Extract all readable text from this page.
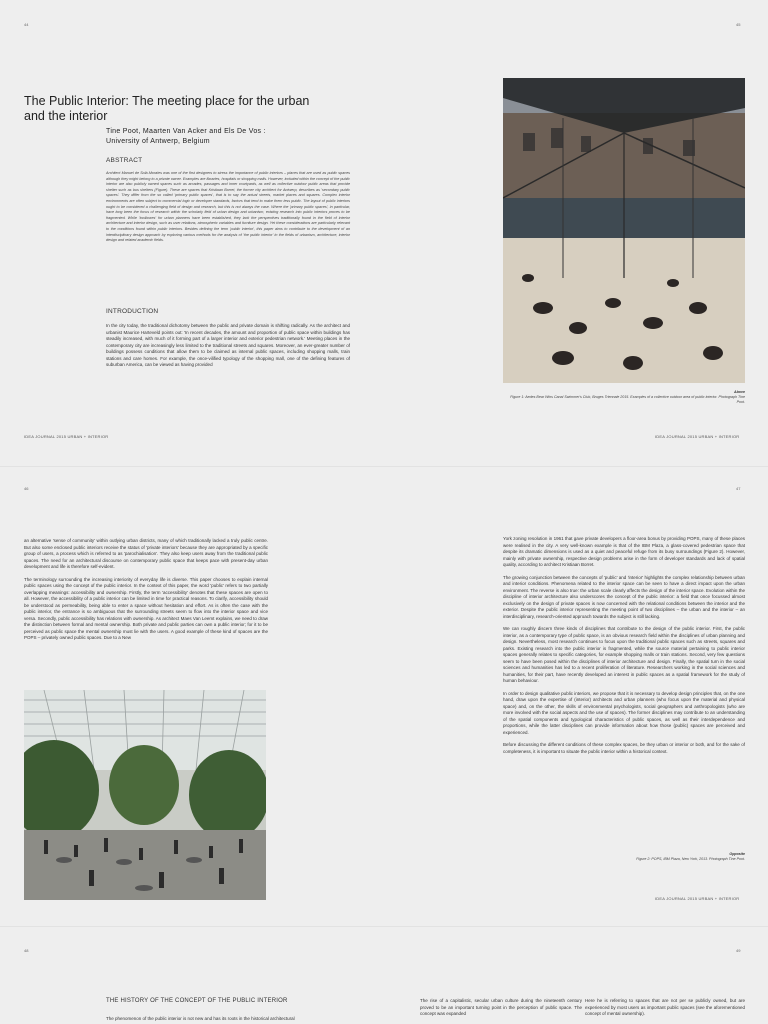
44	45
The Public Interior: The meeting place for the urban and the interior
Tine Poot, Maarten Van Acker and Els De Vos :
University of Antwerp, Belgium
ABSTRACT

Architect Manuel de Solà-Morales was one of the first designers to stress the importance of public interiors – places that are used as public spaces although they might belong to a private owner. Examples are libraries, hospitals or shopping malls. However, included within the concept of the public interior are also publicly owned spaces such as arcades, passages and inner courtyards, as well as collective outdoor public areas that provide shelter such as bus shelters (Figure). These are spaces that Kristiaan Borret, the former city architect for Antwerp, describes as 'secondary public spaces'. They differ from the so called 'primary public spaces', that is to say the actual streets, market places and squares. Complex interior environments are often subject to commercial logic or developer standards, factors that tend to make them less public. The layout of public interiors ought to be considered a challenging field of design and research, but this is not always the case. Where the 'primary public spaces', in particular, have long been the focus of research within the scholarly field of urban design and urbanism, existing research into public interiors proves to be fragmented. While 'toolboxes' for urban planners have been established, they lack the perspectives traditionally found in the field of interior architecture and interior design, such as user relations, atmospheric variables and furniture design. Yet these considerations are particularly relevant to the conditions found within public interiors. Besides defining the term 'public interior', this paper aims to contribute to the development of an interdisciplinary design approach by exploring various methods for the analysis of 'the public interior' in the fields of urbanism, architecture, interior design and related academic fields.

INTRODUCTION

In the city today, the traditional dichotomy between the public and private domain is shifting radically. As the architect and urbanist Maurice Harteveld points out: 'In recent decades, the amount and proportion of public space within buildings has steadily increased, with much of it forming part of a larger interior and exterior pedestrian network.' Meeting places in the contemporary city are increasingly less limited to the traditional streets and squares. Moreover, an ever-greater number of buildings possess conditions that allow them to be claimed as internal public spaces, including shopping malls, train stations and care homes. For example, the once-vilified typology of the shopping mall, one of the defining features of suburban America, can be viewed as having provided

Above
Figure 1: Aedes Bear Wins Canal Swimmer's Club, Bruges Triennale 2015. Examples of a collective outdoor area of public interior. Photograph Tine Poot.
IDEA JOURNAL 2015 URBAN + INTERIOR	IDEA JOURNAL 2015 URBAN + INTERIOR
46	47

an alternative 'sense of community' within outlying urban districts, many of which traditionally lacked a truly public centre. But also some enclosed public interiors receive the status of 'private interiors' because they are appropriated by a specific group of users, a process which is referred to as 'parochialisation'. They also keep users away from the traditional public spaces. The need for an architectural discourse on contemporary public space that keeps pace with present-day urban development and life is therefore self-evident.

The terminology surrounding the increasing interiority of everyday life is diverse. This paper chooses to explain internal public spaces using the concept of the public interior. In the context of this paper, the word 'public' refers to two partially overlapping meanings: accessibility and ownership. Firstly, the term 'accessibility' denotes that these spaces are open to all. However, the accessibility of a public interior can be limited in time for practical reasons. To clarify, accessibility should be understood as permeability, being able to enter a space without hesitation and effort. As is often the case with the public interior, the entrance is so ambiguous that the surrounding streets seem to flow into the interior space and vice versa. Secondly, public accessibility has relations with ownership. As architect Maes Van Leemt explains, we need to draw the distinction between formal and mental ownership. Both private and public parties can own a public interior; for it to be perceived as public space the mental ownership must lie with the users. A good example of these kind of spaces are the POPS – privately owned public spaces. Due to a New

York zoning resolution in 1961 that gave private developers a floor-area bonus by providing POPS, many of these places were realised in the city. A very well-known example is that of the IBM Plaza, a glass-covered pedestrian space that despite its dramatic dimensions is used as a quiet and peaceful refuge from its busy surroundings (Figure 2). However, mainly with private ownership, respective design problems arise in the form of developer standards and lack of spatial quality, according to architect Kristiaan Borret.

The growing conjunction between the concepts of 'public' and 'interior' highlights the complex relationship between urban and interior conditions. Phenomena related to the interior space can be seen to have a direct impact upon the urban environment. The reverse is also true: the urban scale clearly affects the design of the interior space. Evolution within the discipline of interior architecture also underscores the concept of the public interior: a field that once focussed almost exclusively on the design of private spaces is now concerned with the relational conditions between the interior and the exterior. Despite the public interior representing the meeting point of two disciplines – the urban and the interior – an interdisciplinary, research-oriented approach towards the subject is still lacking.

We can roughly discern three kinds of disciplines that contribute to the design of the public interior. First, the public interior, as a contemporary type of public space, is an obvious research field within the disciplines of urban planning and design. Nevertheless, most research continues to focus upon the traditional public spaces such as streets, squares and parks. Existing research into the public interior is fragmented, while the source material pertaining to public interior spaces generally relates to specific categories, for example shopping malls or train stations. Second, very few questions seem to have been posed within the disciplines of interior architecture and design. Finally, the spatial turn in the social sciences and humanities has led to a recent proliferation of literature. Researchers working in the social sciences and humanities, for their part, have recently developed an interest in public spaces as a spatial framework for the study of human behaviour.

In order to design qualitative public interiors, we propose that it is necessary to develop design principles that, on the one hand, draw upon the expertise of (interior) architects and urban planners (who focus upon the material and physical space) and, on the other, the skills of environmental psychologists, social geographers and anthropologists (who are more involved with the social aspects and the use of spaces). The former disciplines may contribute to an understanding of the spatial components and typological characteristics of public spaces, as well as their interdependence and proportions, while the latter disciplines can provide information about how those (public) spaces are perceived and experienced.

Before discussing the different conditions of these complex spaces, be they urban or interior or both, and for the sake of completeness, it is important to situate the public interior within a historical context.

Opposite
Figure 2: POPS, IBM Plaza, New York, 2013. Photograph Tine Poot.
IDEA JOURNAL 2015 URBAN + INTERIOR
48	49
THE HISTORY OF THE CONCEPT OF THE PUBLIC INTERIOR

The phenomenon of the public interior is not new and has its roots in the historical architectural

The rise of a capitalistic, secular urban culture during the nineteenth century proved to be an important turning point in the perception of public space. The concept was expanded

Here he is referring to spaces that are not per se publicly owned, but are experienced by most users as important public spaces (see the aforementioned concept of mental ownership).
